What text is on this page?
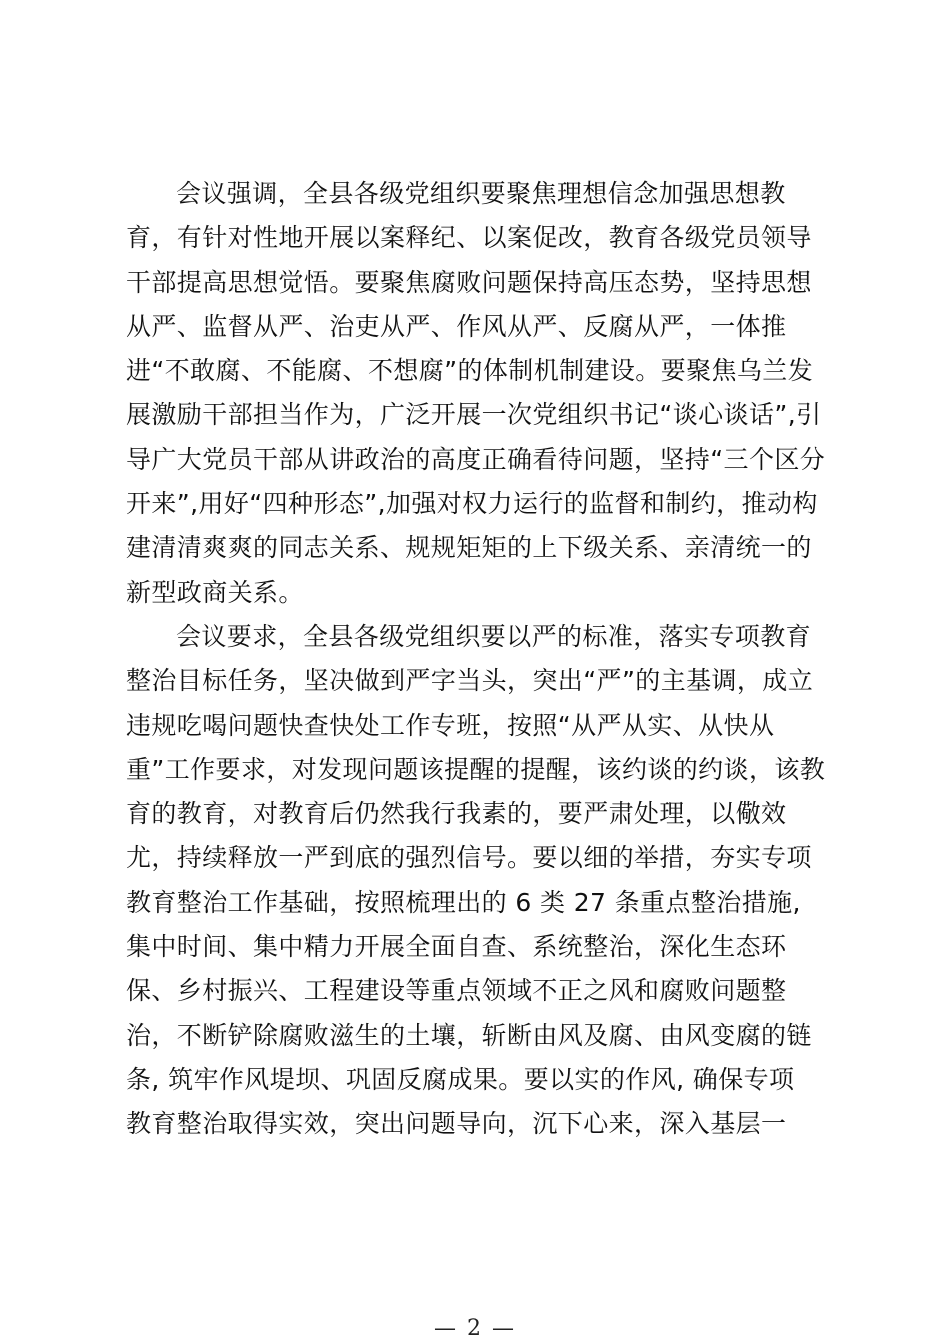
会议强调，全县各级党组织要聚焦理想信念加强思想教
育，有针对性地开展以案释纪、以案促改，教育各级党员领导
干部提高思想觉悟。要聚焦腐败问题保持高压态势，坚持思想
从严、监督从严、治吏从严、作风从严、反腐从严，一体推
进“不敢腐、不能腐、不想腐”的体制机制建设。要聚焦乌兰发
展激励干部担当作为，广泛开展一次党组织书记“谈心谈话”,引
导广大党员干部从讲政治的高度正确看待问题，坚持“三个区分
开来”,用好“四种形态”,加强对权力运行的监督和制约，推动构
建清清爽爽的同志关系、规规矩矩的上下级关系、亲清统一的
新型政商关系。
会议要求，全县各级党组织要以严的标准，落实专项教育
整治目标任务，坚决做到严字当头，突出“严”的主基调，成立
违规吃喝问题快查快处工作专班，按照“从严从实、从快从
重”工作要求，对发现问题该提醒的提醒，该约谈的约谈，该教
育的教育，对教育后仍然我行我素的，要严肃处理，以儆效
尤，持续释放一严到底的强烈信号。要以细的举措，夯实专项
教育整治工作基础，按照梳理出的 6 类 27 条重点整治措施,
集中时间、集中精力开展全面自查、系统整治，深化生态环
保、乡村振兴、工程建设等重点领域不正之风和腐败问题整
治，不断铲除腐败滋生的土壤，斩断由风及腐、由风变腐的链
条, 筑牢作风堤坝、巩固反腐成果。要以实的作风, 确保专项
教育整治取得实效，突出问题导向，沉下心来，深入基层一
— 2 —
